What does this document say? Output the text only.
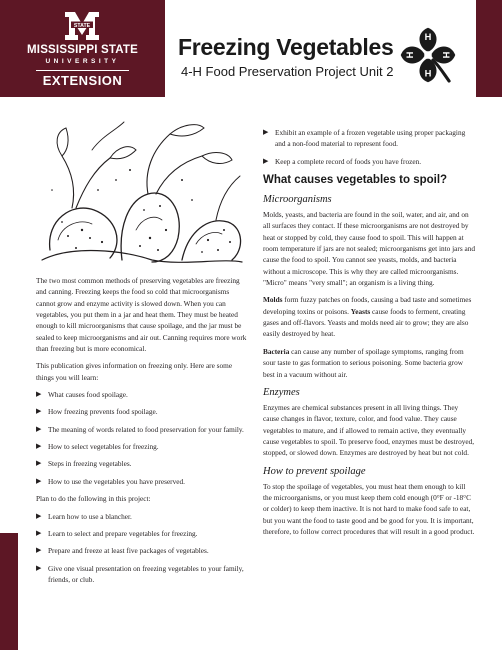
STATE
MISSISSIPPI STATE
UNIVERSITY
EXTENSION
Freezing Vegetables
4-H Food Preservation Project Unit 2
H
H
H
H

The two most common methods of preserving vegetables are freezing and canning. Freezing keeps the food so cold that microorganisms cannot grow and enzyme activity is slowed down. When you can vegetables, you put them in a jar and heat them. They must be heated enough to kill microorganisms that cause spoilage, and the jar must be sealed to keep microorganisms and air out. Canning requires more work than freezing but is more economical.

This publication gives information on freezing only. Here are some things you will learn:

▶ What causes food spoilage.
▶ How freezing prevents food spoilage.
▶ The meaning of words related to food preservation for your family.
▶ How to select vegetables for freezing.
▶ Steps in freezing vegetables.
▶ How to use the vegetables you have preserved.

Plan to do the following in this project:

▶ Learn how to use a blancher.
▶ Learn to select and prepare vegetables for freezing.
▶ Prepare and freeze at least five packages of vegetables.
▶ Give one visual presentation on freezing vegetables to your family, friends, or club.
▶ Exhibit an example of a frozen vegetable using proper packaging and a non-food material to represent food.
▶ Keep a complete record of foods you have frozen.
What causes vegetables to spoil?
Microorganisms

Molds, yeasts, and bacteria are found in the soil, water, and air, and on all surfaces they contact. If these microorganisms are not destroyed by heat or stopped by cold, they cause food to spoil. This will happen at room temperature if jars are not sealed; microorganisms get into jars and cause the food to spoil. You cannot see yeasts, molds, and bacteria without a microscope. This is why they are called microorganisms. "Micro" means "very small"; an organism is a living thing.

Molds form fuzzy patches on foods, causing a bad taste and sometimes developing toxins or poisons. Yeasts cause foods to ferment, creating gases and off-flavors. Yeasts and molds need air to grow; they are also easily destroyed by heat.

Bacteria can cause any number of spoilage symptoms, ranging from sour taste to gas formation to serious poisoning. Some bacteria grow best in a vacuum without air.

Enzymes

Enzymes are chemical substances present in all living things. They cause changes in flavor, texture, color, and food value. They cause vegetables to mature, and if allowed to remain active, they eventually cause vegetables to spoil. To preserve food, enzymes must be destroyed, stopped, or slowed down. Enzymes are destroyed by heat but not cold.

How to prevent spoilage

To stop the spoilage of vegetables, you must heat them enough to kill the microorganisms, or you must keep them cold enough (0°F or -18°C or colder) to keep them inactive. It is not hard to make food safe to eat, but you want the food to taste good and be good for you. It is important, therefore, to follow correct procedures that will result in a good product.
